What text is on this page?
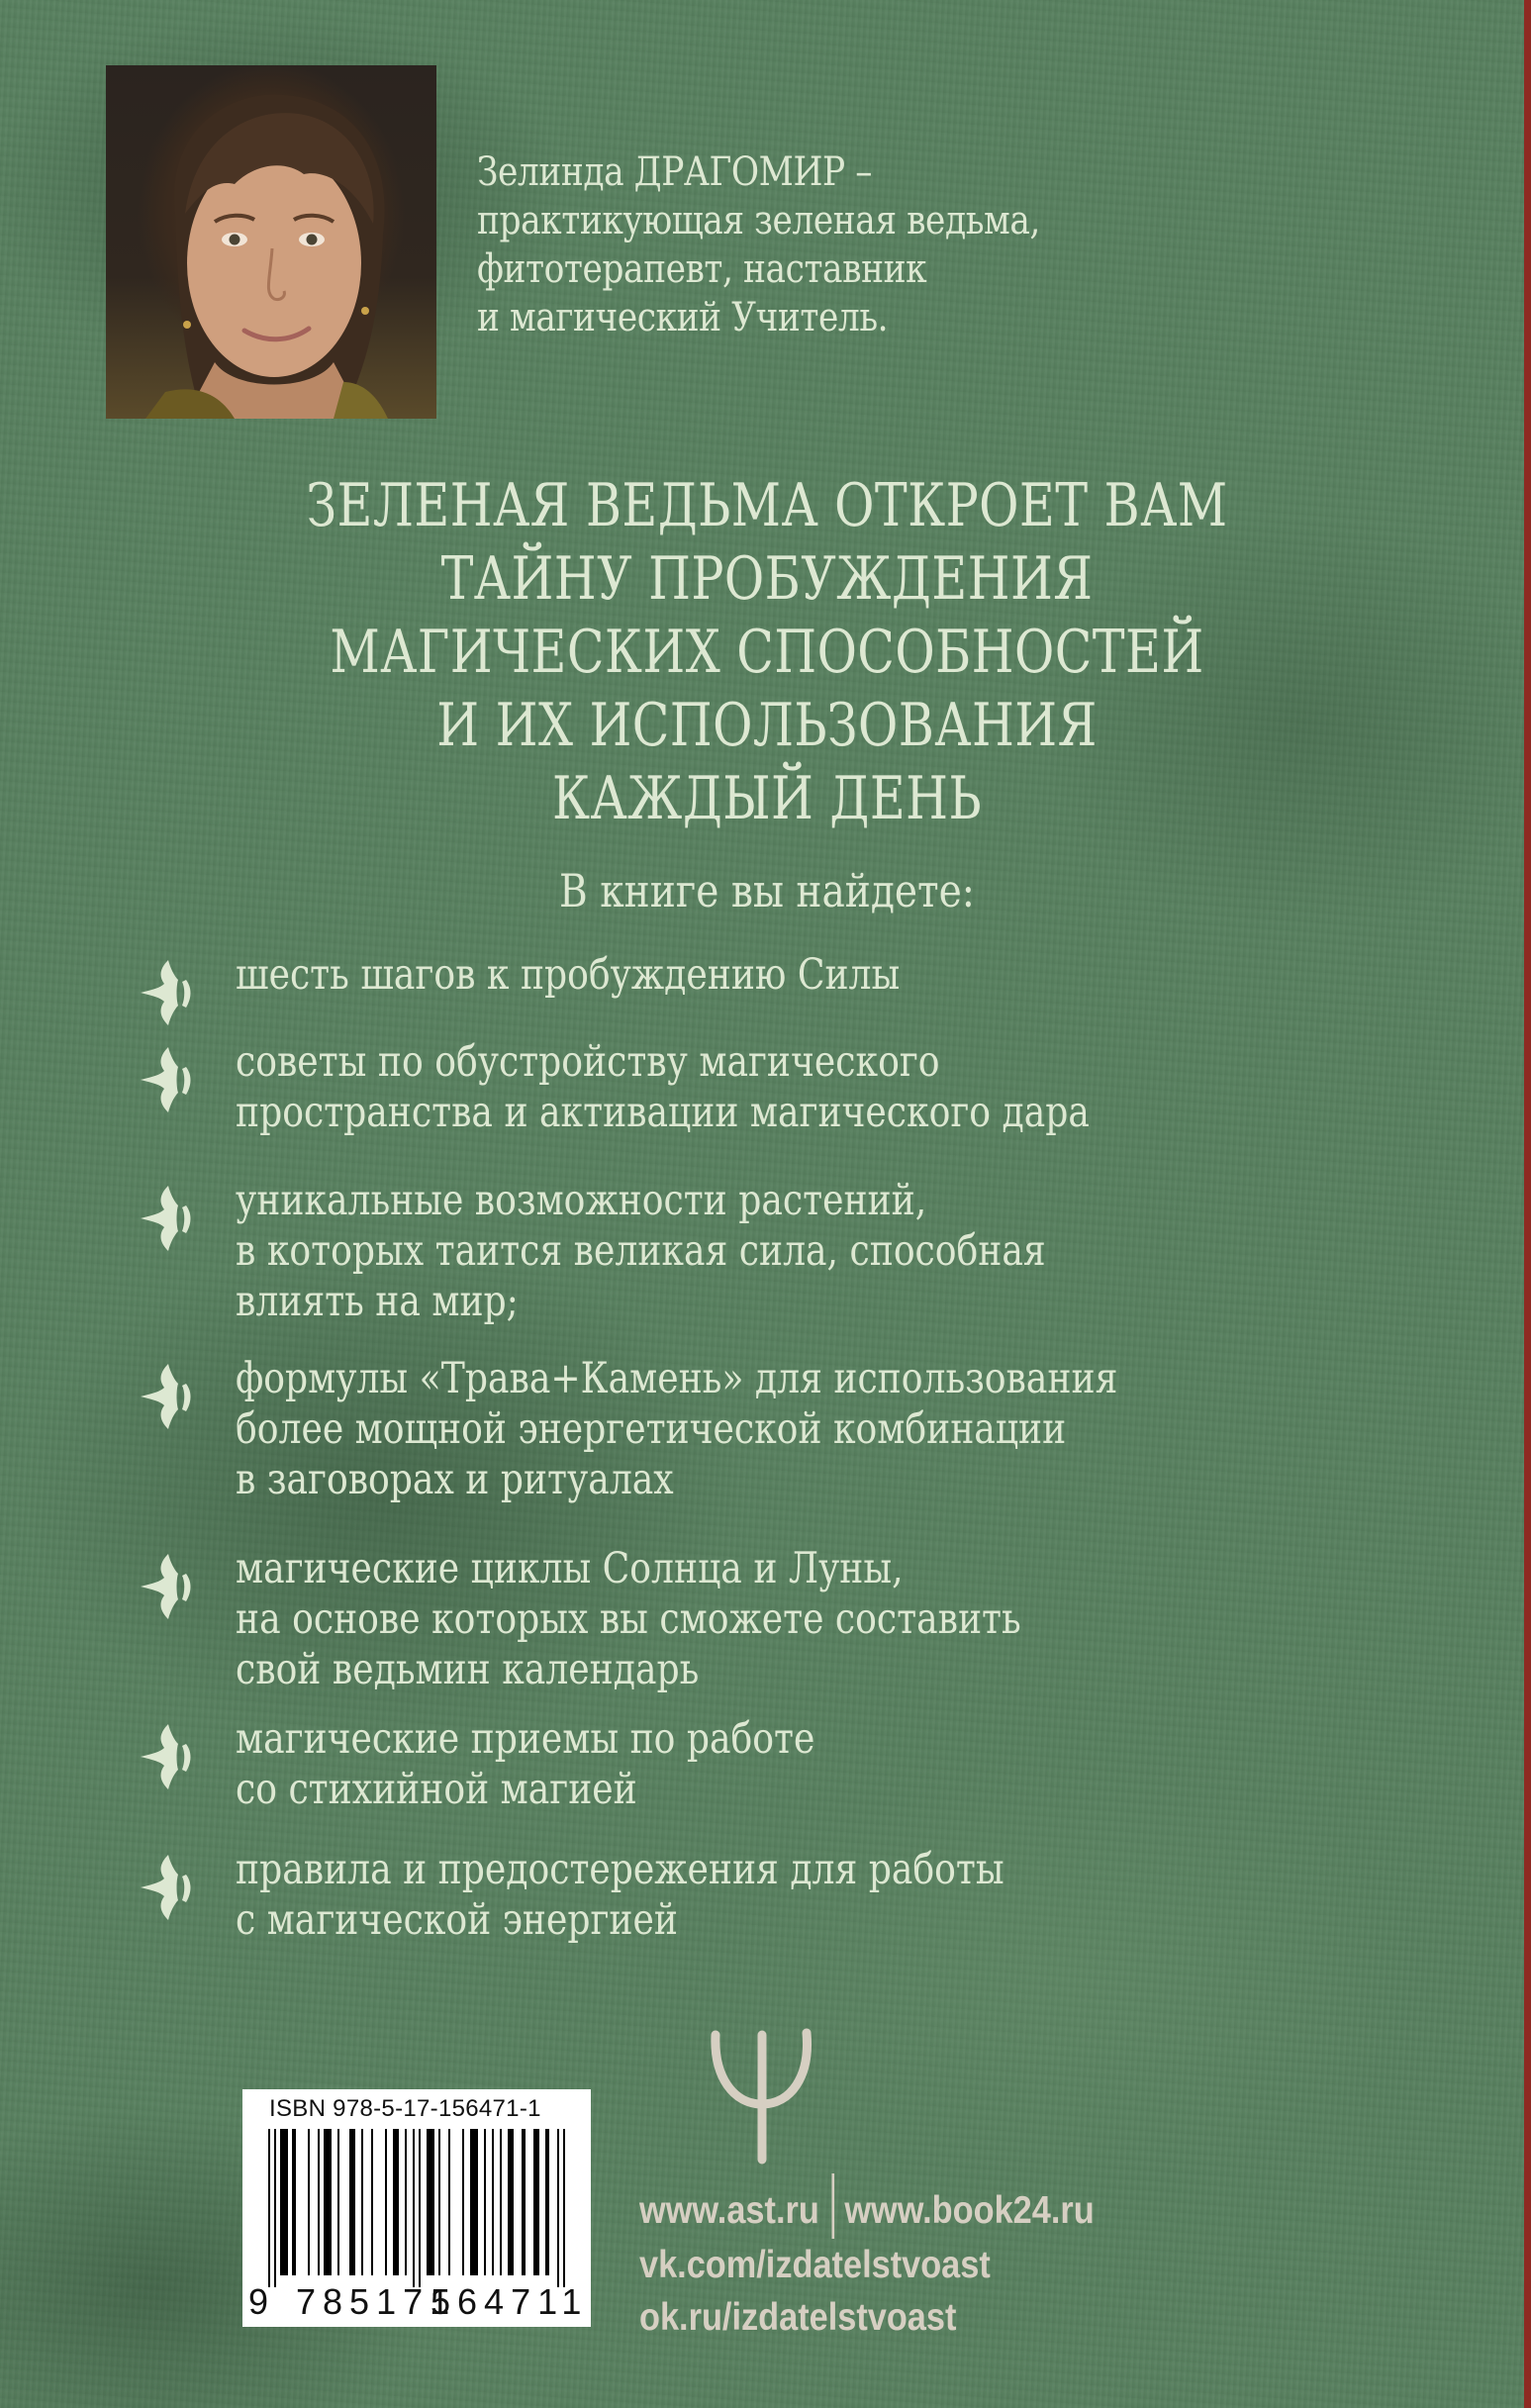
Зелинда ДРАГОМИР –
практикующая зеленая ведьма,
фитотерапевт, наставник
и магический Учитель.
ЗЕЛЕНАЯ ВЕДЬМА ОТКРОЕТ ВАМ
ТАЙНУ ПРОБУЖДЕНИЯ
МАГИЧЕСКИХ СПОСОБНОСТЕЙ
И ИХ ИСПОЛЬЗОВАНИЯ
КАЖДЫЙ ДЕНЬ
В книге вы найдете:
шесть шагов к пробуждению Силы
советы по обустройству магического
пространства и активации магического дара
уникальные возможности растений,
в которых таится великая сила, способная
влиять на мир;
формулы «Трава+Камень» для использования
более мощной энергетической комбинации
в заговорах и ритуалах
магические циклы Солнца и Луны,
на основе которых вы сможете составить
свой ведьмин календарь
магические приемы по работе
со стихийной магией
правила и предостережения для работы
с магической энергией
ISBN 978-5-17-156471-1
9 785171
564711
www.ast.ru www.book24.ru
vk.com/izdatelstvoast
ok.ru/izdatelstvoast
